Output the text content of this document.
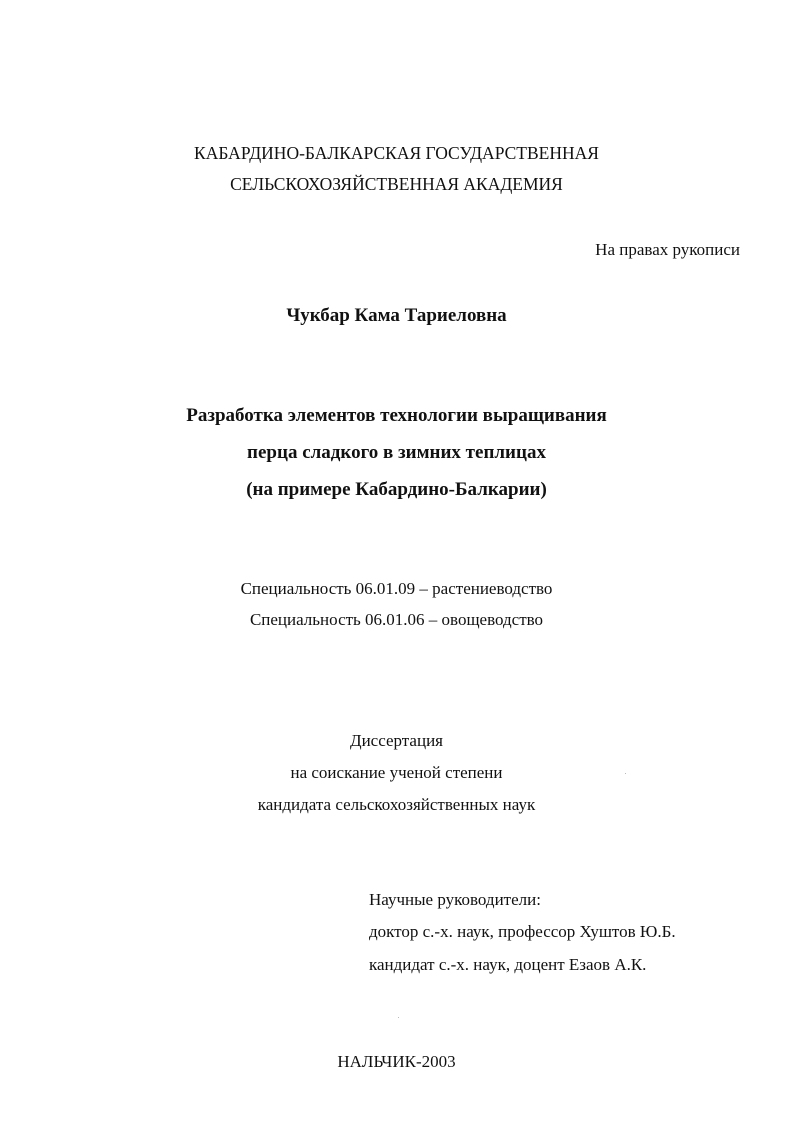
КАБАРДИНО-БАЛКАРСКАЯ ГОСУДАРСТВЕННАЯ
СЕЛЬСКОХОЗЯЙСТВЕННАЯ АКАДЕМИЯ
На правах рукописи
Чукбар Кама Тариеловна
Разработка элементов технологии выращивания
перца сладкого в зимних теплицах
(на примере Кабардино-Балкарии)
Специальность 06.01.09 – растениеводство
Специальность 06.01.06 – овощеводство
Диссертация
на соискание ученой степени
кандидата сельскохозяйственных наук
Научные руководители:
доктор с.-х. наук, профессор Хуштов Ю.Б.
кандидат с.-х. наук, доцент Езаов А.К.
НАЛЬЧИК-2003
